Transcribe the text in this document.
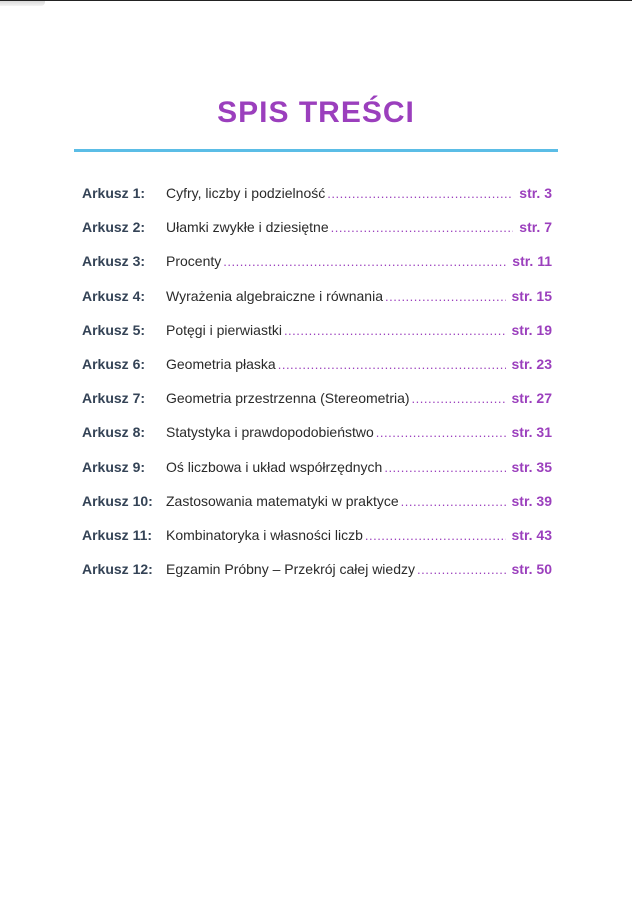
SPIS TREŚCI
Arkusz 1:	Cyfry, liczby i podzielność .....	str. 3
Arkusz 2:	Ułamki zwykłe i dziesiętne .....	str. 7
Arkusz 3:	Procenty .....	str. 11
Arkusz 4:	Wyrażenia algebraiczne i równania .....	str. 15
Arkusz 5:	Potęgi i pierwiastki .....	str. 19
Arkusz 6:	Geometria płaska .....	str. 23
Arkusz 7:	Geometria przestrzenna (Stereometria) .....	str. 27
Arkusz 8:	Statystyka i prawdopodobieństwo .....	str. 31
Arkusz 9:	Oś liczbowa i układ współrzędnych .....	str. 35
Arkusz 10: Zastosowania matematyki w praktyce .....	str. 39
Arkusz 11: Kombinatoryka i własności liczb .....	str. 43
Arkusz 12: Egzamin Próbny – Przekrój całej wiedzy .....	str. 50
